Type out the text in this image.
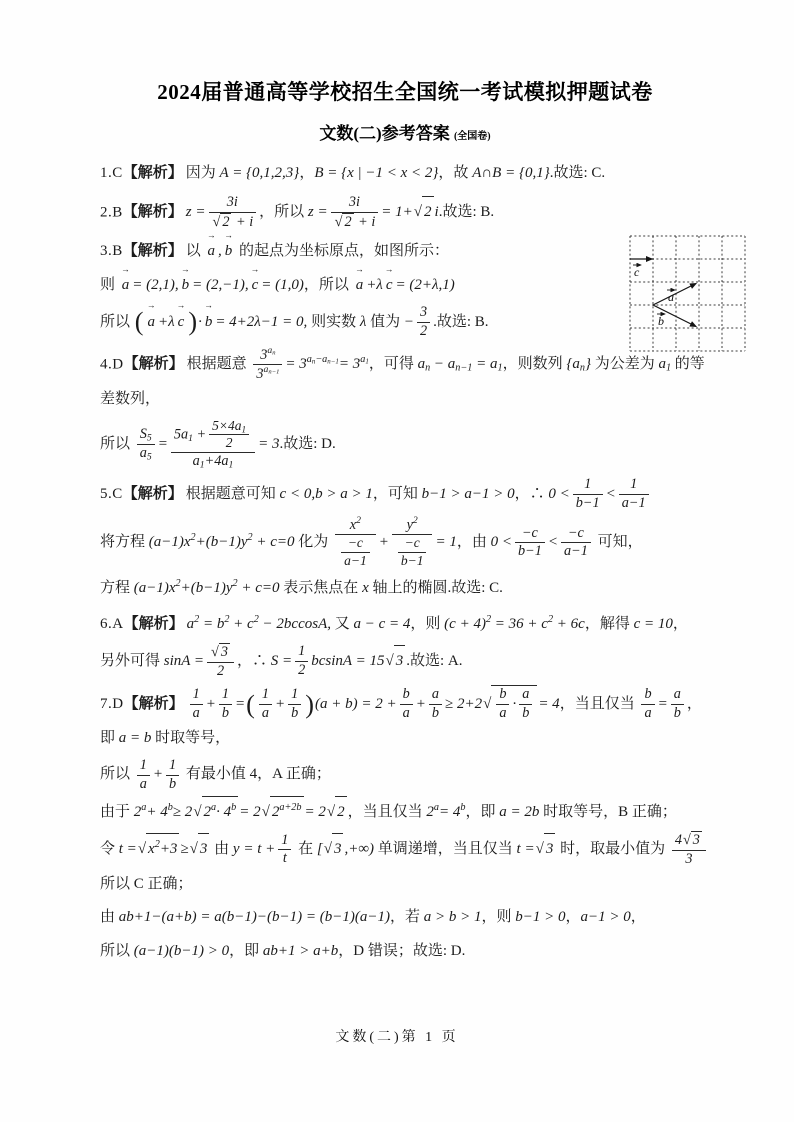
2024届普通高等学校招生全国统一考试模拟押题试卷
文数(二)参考答案 (全国卷)
1.C【解析】 因为 A = {0,1,2,3}，B = {x | −1 < x < 2}，故 A∩B = {0,1}.故选: C.
2.B【解析】 $z = \frac{3i}{√ 2 + i}$ ，所以 $z = \frac{3i}{√ 2 + i} = 1+$ √ 2 i.故选: B.
3.B【解析】 以
→
a ,
→
b 的起点为坐标原点，如图所示：
则
→
a = (2,1),
→
b = (2,−1),
→
c = (1,0)，所以
→
a +λ
→
c = (2+λ,1)
所以 (
→
a +λ
→
c )·
→
b = 4+2λ−1 = 0, 则实数 λ 值为 − $\frac{3}{2}$ .故选: B.
4.D【解析】 根据题意 $\frac{3^{a_n}}{3^{a_{n-1}}} = 3^{a_n-a_{n-1}}= 3^{a_1}$，可得 $a_n - a_{n-1} = a_1$，则数列 $\{a_n\}$ 为公差为 $a_1$ 的等差数列，
所以 $\frac{S_5}{a_5} = \frac{5a_1 + \frac{5\times 4a_1}{2}}{a_1+4a_1} = 3$.故选: D.
5.C【解析】 根据题意可知 c < 0,b > a > 1，可知 b−1 > a−1 > 0，∴ $0 < \frac{1}{b-1} < \frac{1}{a-1}$
将方程 $(a-1)x^2+(b-1)y^2 + c=0$ 化为 $\frac{x^2}{\frac{-c}{a-1}} + \frac{y^2}{\frac{-c}{b-1}} = 1$，由 $0 < \frac{-c}{b-1} < \frac{-c}{a-1}$ 可知，
方程 $(a-1)x^2+(b-1)y^2 + c=0$ 表示焦点在 x 轴上的椭圆.故选: C.
6.A【解析】 $a^2 = b^2 + c^2 - 2bccosA$, 又 a − c = 4，则 $(c + 4)^2 = 36 + c^2 + 6c$，解得 c = 10，
另外可得 $\sin A = \frac{√ 3}{2}$ ，∴ $S = \frac{1}{2}$ bcsinA = 15 √ 3 .故选: A.
7.D【解析】 $\frac{1}{a} + \frac{1}{b}$ =( $\frac{1}{a} + \frac{1}{b} )(a + b) = 2 + \frac{b}{a} + \frac{a}{b} \ge 2+2$ √ $\frac{b}{a} \cdot \frac{a}{b} = 4$，当且仅当 $\frac{b}{a} = \frac{a}{b}$ ，即 a = b 时取等号，
所以 $\frac{1}{a} + \frac{1}{b}$ 有最小值 4，A 正确；
由于 $2^a+ 4^b\ge 2$ √ $2^a\cdot 4^b = 2$ √ $2^{a+2b} = 2$ √ 2 ，当且仅当 $2^a= 4^b$，即 a = 2b 时取等号，B 正确；
令 t = √ $x^2+3$ ≥ √ 3 由 $y = t + \frac{1}{t}$ 在 [ √ 3 ,+∞) 单调递增，当且仅当 t = √ 3 时，取最小值为 $\frac{4 √ 3}{3}$
所以 C 正确；
由 ab+1−(a+b) = a(b−1)−(b−1) = (b−1)(a−1)，若 a > b > 1，则 b−1 > 0，a−1 > 0，
所以 (a−1)(b−1) > 0，即 ab+1 > a+b，D 错误；故选: D.
c
a
b
文数(二)第 1 页
